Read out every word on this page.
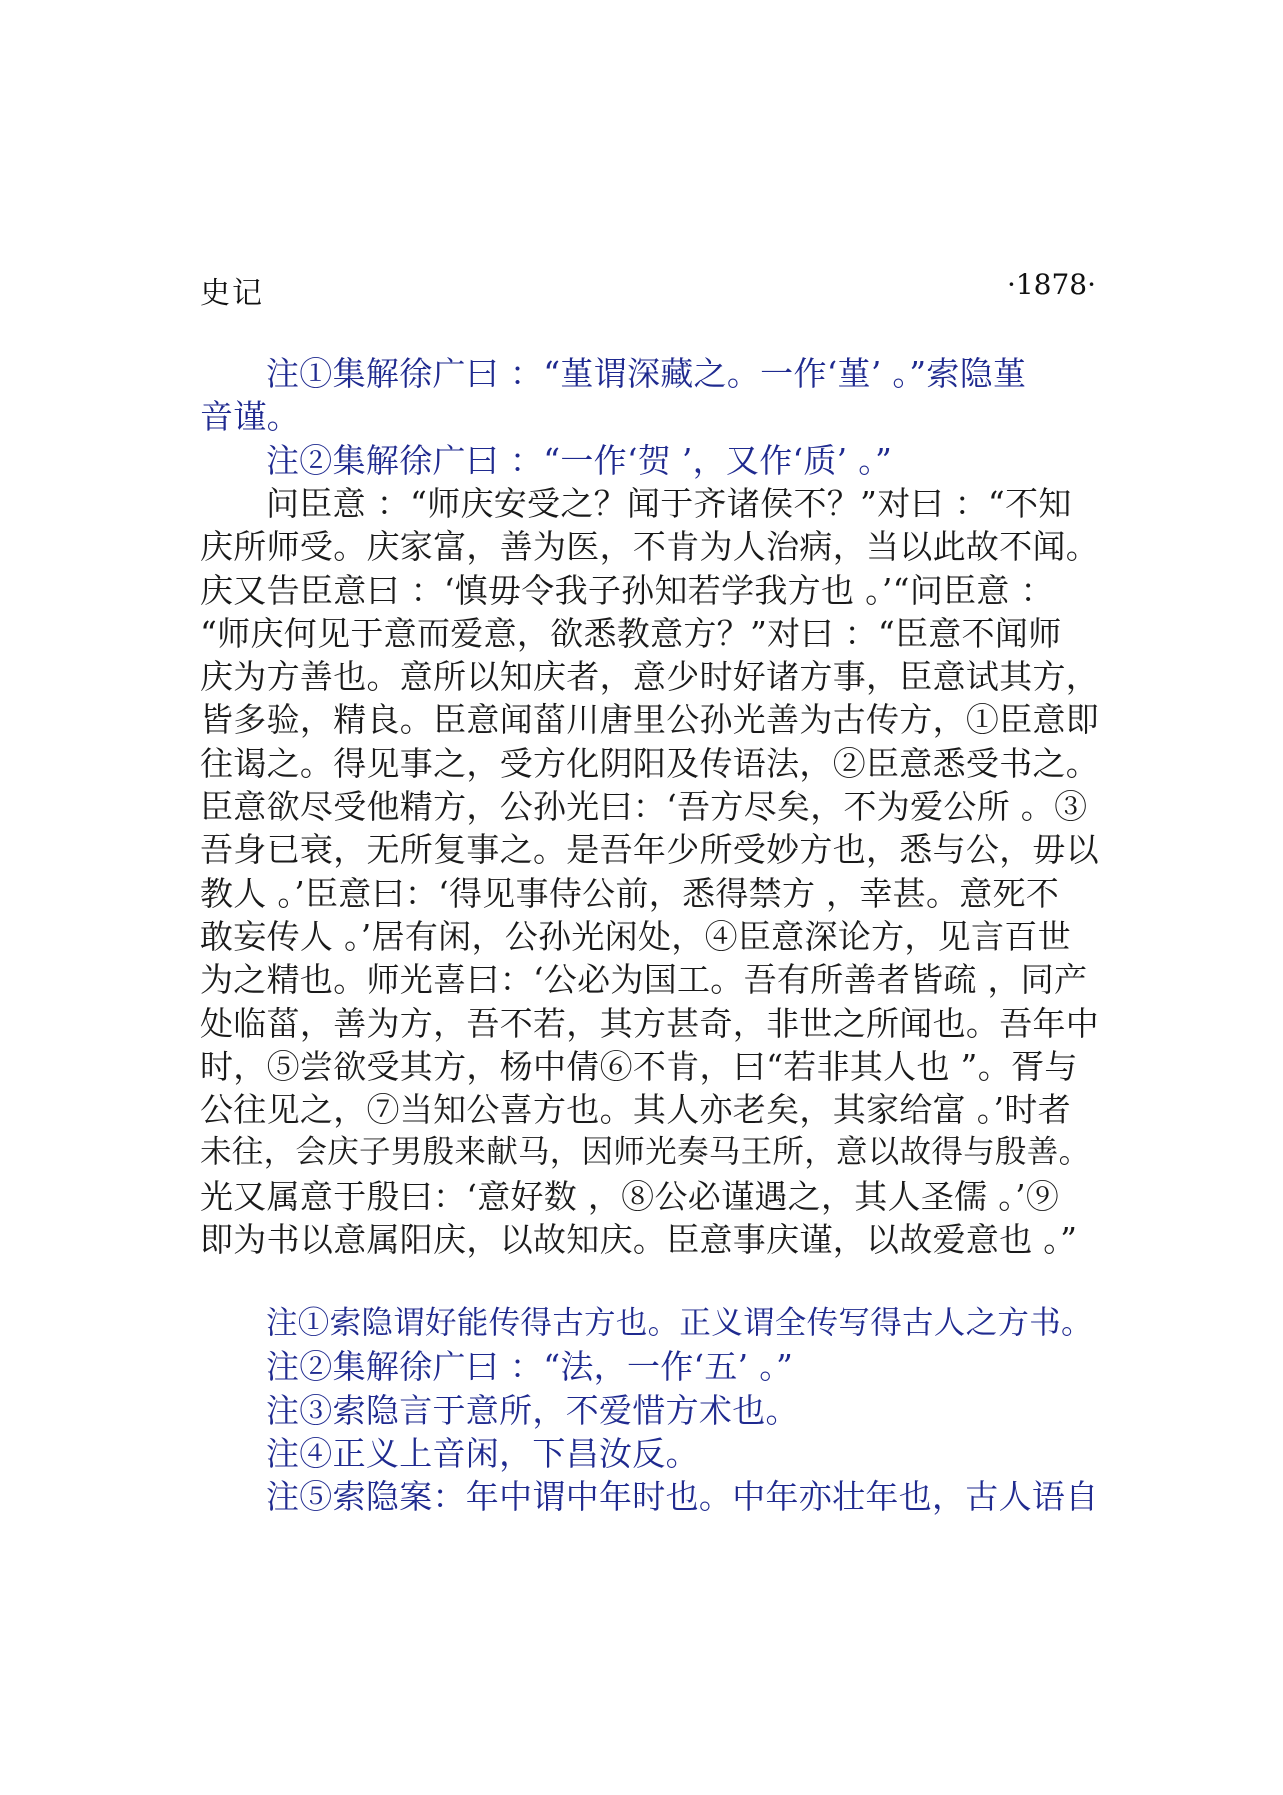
史记	·1878·
注①集解徐广曰 ：“堇谓深藏之。一作‘堇’ 。”索隐堇
音谨。
注②集解徐广曰 ：“一作‘贺 ’，又作‘质’ 。”
问臣意 ：“师庆安受之？闻于齐诸侯不？”对曰 ：“不知
庆所师受。庆家富，善为医，不肯为人治病，当以此故不闻。
庆又告臣意曰 ：‘慎毋令我子孙知若学我方也 。’“问臣意 ：
“师庆何见于意而爱意，欲悉教意方？”对曰 ：“臣意不闻师
庆为方善也。意所以知庆者，意少时好诸方事，臣意试其方，
皆多验，精良。臣意闻菑川唐里公孙光善为古传方，①臣意即
往谒之。得见事之，受方化阴阳及传语法，②臣意悉受书之。
臣意欲尽受他精方，公孙光曰：‘吾方尽矣，不为爱公所 。③
吾身已衰，无所复事之。是吾年少所受妙方也，悉与公，毋以
教人 。’臣意曰：‘得见事侍公前，悉得禁方 ，幸甚。意死不
敢妄传人 。’居有闲，公孙光闲处，④臣意深论方，见言百世
为之精也。师光喜曰：‘公必为国工。吾有所善者皆疏 ，同产
处临菑，善为方，吾不若，其方甚奇，非世之所闻也。吾年中
时，⑤尝欲受其方，杨中倩⑥不肯，曰“若非其人也 ”。胥与
公往见之，⑦当知公喜方也。其人亦老矣，其家给富 。’时者
未往，会庆子男殷来献马，因师光奏马王所，意以故得与殷善。
光又属意于殷曰：‘意好数 ，⑧公必谨遇之，其人圣儒 。’⑨
即为书以意属阳庆，以故知庆。臣意事庆谨，以故爱意也 。”
注①索隐谓好能传得古方也。正义谓全传写得古人之方书。
注②集解徐广曰 ：“法，一作‘五’ 。”
注③索隐言于意所，不爱惜方术也。
注④正义上音闲，下昌汝反。
注⑤索隐案：年中谓中年时也。中年亦壮年也，古人语自
